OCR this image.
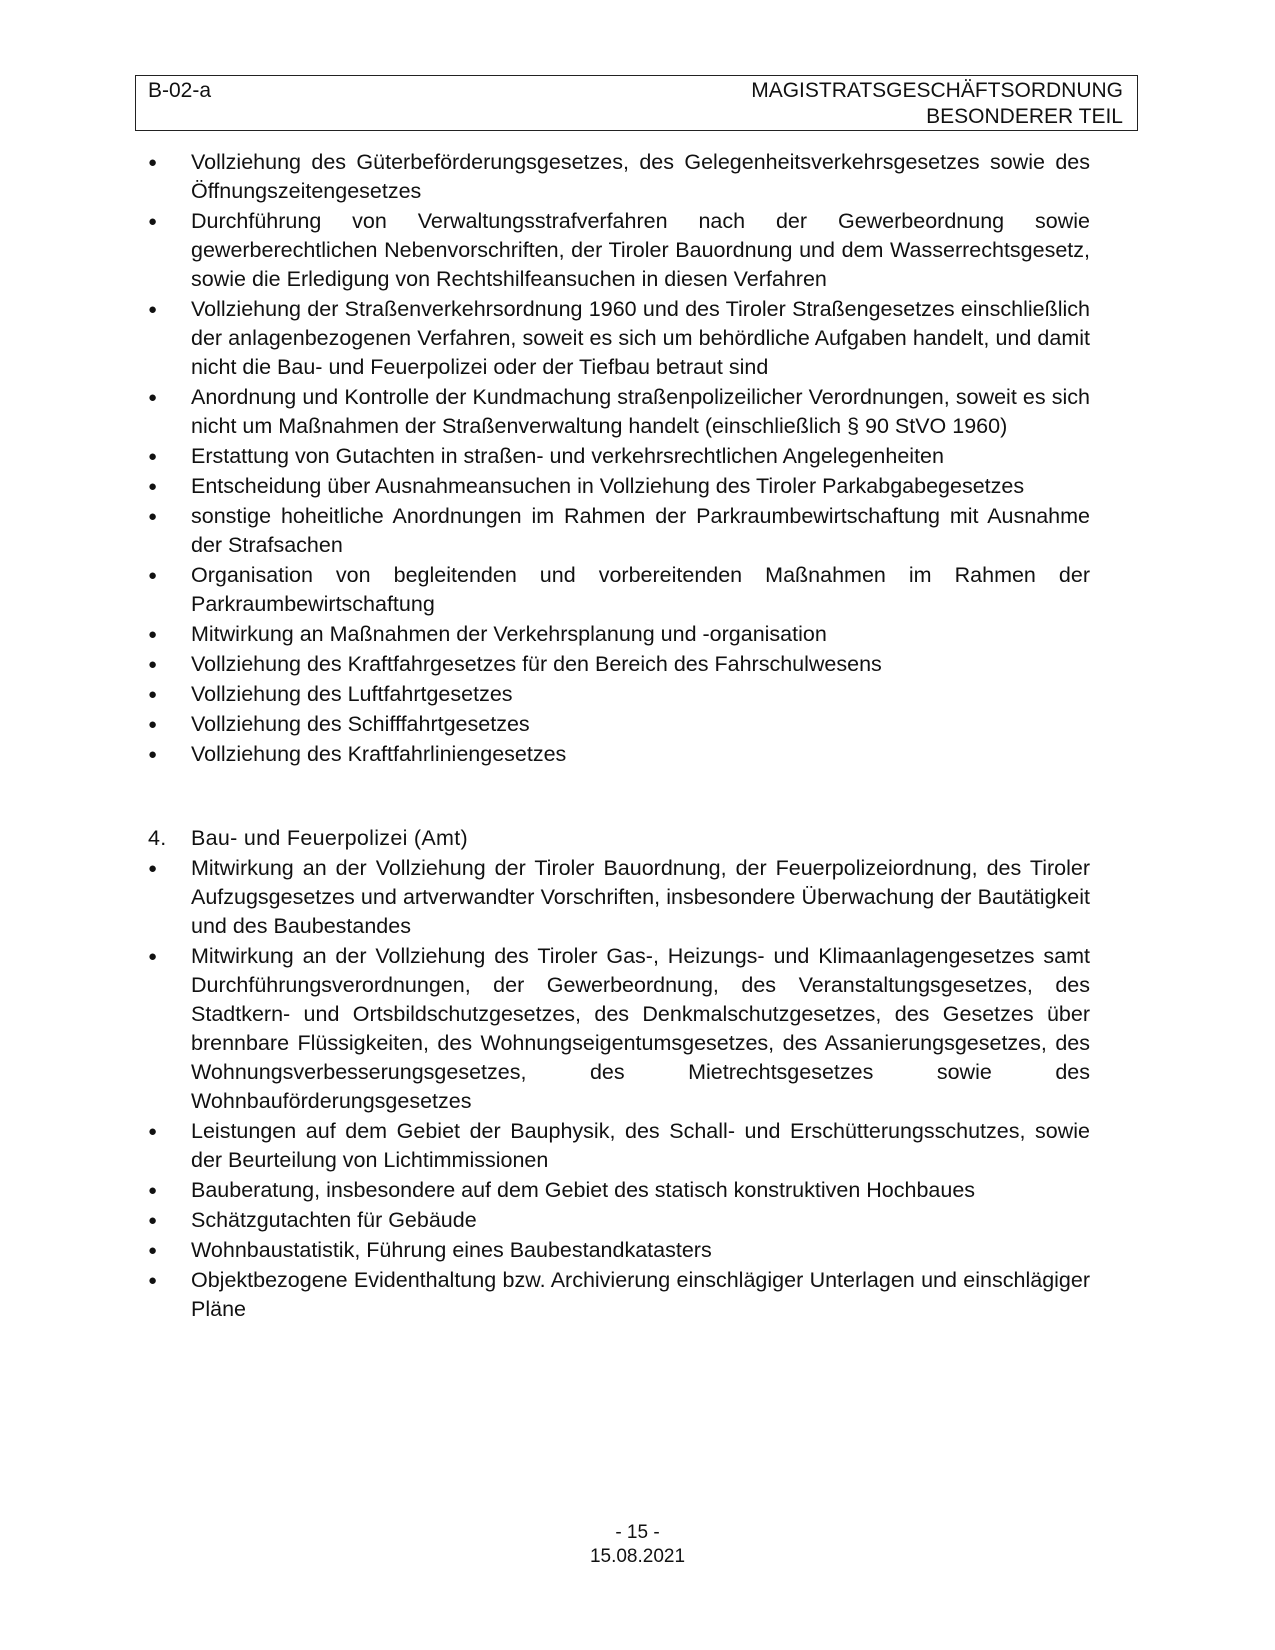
B-02-a	MAGISTRATSGESCHÄFTSORDNUNG
BESONDERER TEIL
● Vollziehung des Güterbeförderungsgesetzes, des Gelegenheitsverkehrsgesetzes sowie des Öffnungszeitengesetzes
● Durchführung von Verwaltungsstrafverfahren nach der Gewerbeordnung sowie gewerberechtlichen Nebenvorschriften, der Tiroler Bauordnung und dem Wasserrechtsgesetz, sowie die Erledigung von Rechtshilfeansuchen in diesen Verfahren
● Vollziehung der Straßenverkehrsordnung 1960 und des Tiroler Straßengesetzes einschließlich der anlagenbezogenen Verfahren, soweit es sich um behördliche Aufgaben handelt, und damit nicht die Bau- und Feuerpolizei oder der Tiefbau betraut sind
● Anordnung und Kontrolle der Kundmachung straßenpolizeilicher Verordnungen, soweit es sich nicht um Maßnahmen der Straßenverwaltung handelt (einschließlich § 90 StVO 1960)
● Erstattung von Gutachten in straßen- und verkehrsrechtlichen Angelegenheiten
● Entscheidung über Ausnahmeansuchen in Vollziehung des Tiroler Parkabgabegesetzes
● sonstige hoheitliche Anordnungen im Rahmen der Parkraumbewirtschaftung mit Ausnahme der Strafsachen
● Organisation von begleitenden und vorbereitenden Maßnahmen im Rahmen der Parkraumbewirtschaftung
● Mitwirkung an Maßnahmen der Verkehrsplanung und -organisation
● Vollziehung des Kraftfahrgesetzes für den Bereich des Fahrschulwesens
● Vollziehung des Luftfahrtgesetzes
● Vollziehung des Schifffahrtgesetzes
● Vollziehung des Kraftfahrliniengesetzes
4. Bau- und Feuerpolizei (Amt)
● Mitwirkung an der Vollziehung der Tiroler Bauordnung, der Feuerpolizeiordnung, des Tiroler Aufzugsgesetzes und artverwandter Vorschriften, insbesondere Überwachung der Bautätigkeit und des Baubestandes
● Mitwirkung an der Vollziehung des Tiroler Gas-, Heizungs- und Klimaanlagengesetzes samt Durchführungsverordnungen, der Gewerbeordnung, des Veranstaltungsgesetzes, des Stadtkern- und Ortsbildschutzgesetzes, des Denkmalschutzgesetzes, des Gesetzes über brennbare Flüssigkeiten, des Wohnungseigentumsgesetzes, des Assanierungsgesetzes, des Wohnungsverbesserungsgesetzes, des Mietrechtsgesetzes sowie des Wohnbauförderungsgesetzes
● Leistungen auf dem Gebiet der Bauphysik, des Schall- und Erschütterungsschutzes, sowie der Beurteilung von Lichtimmissionen
● Bauberatung, insbesondere auf dem Gebiet des statisch konstruktiven Hochbaues
● Schätzgutachten für Gebäude
● Wohnbaustatistik, Führung eines Baubestandkatasters
● Objektbezogene Evidenthaltung bzw. Archivierung einschlägiger Unterlagen und einschlägiger Pläne
- 15 -
15.08.2021
